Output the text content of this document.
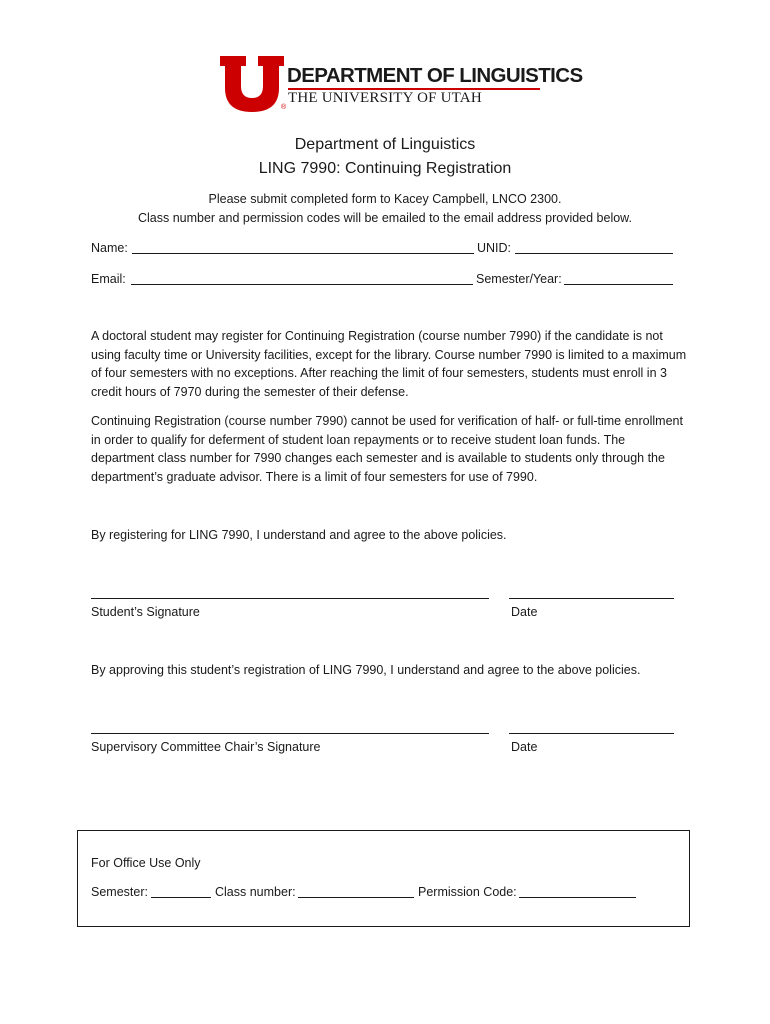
®
DEPARTMENT OF LINGUISTICS
THE UNIVERSITY OF UTAH
Department of Linguistics
LING 7990: Continuing Registration
Please submit completed form to Kacey Campbell, LNCO 2300.
Class number and permission codes will be emailed to the email address provided below.
Name:	UNID:
Email:	Semester/Year:
A doctoral student may register for Continuing Registration (course number 7990) if the candidate is not using faculty time or University facilities, except for the library. Course number 7990 is limited to a maximum of four semesters with no exceptions. After reaching the limit of four semesters, students must enroll in 3 credit hours of 7970 during the semester of their defense.
Continuing Registration (course number 7990) cannot be used for verification of half- or full-time enrollment in order to qualify for deferment of student loan repayments or to receive student loan funds. The department class number for 7990 changes each semester and is available to students only through the department’s graduate advisor. There is a limit of four semesters for use of 7990.
By registering for LING 7990, I understand and agree to the above policies.
Student’s Signature	Date
By approving this student’s registration of LING 7990, I understand and agree to the above policies.
Supervisory Committee Chair’s Signature	Date
For Office Use Only
Semester:	Class number:	Permission Code:
